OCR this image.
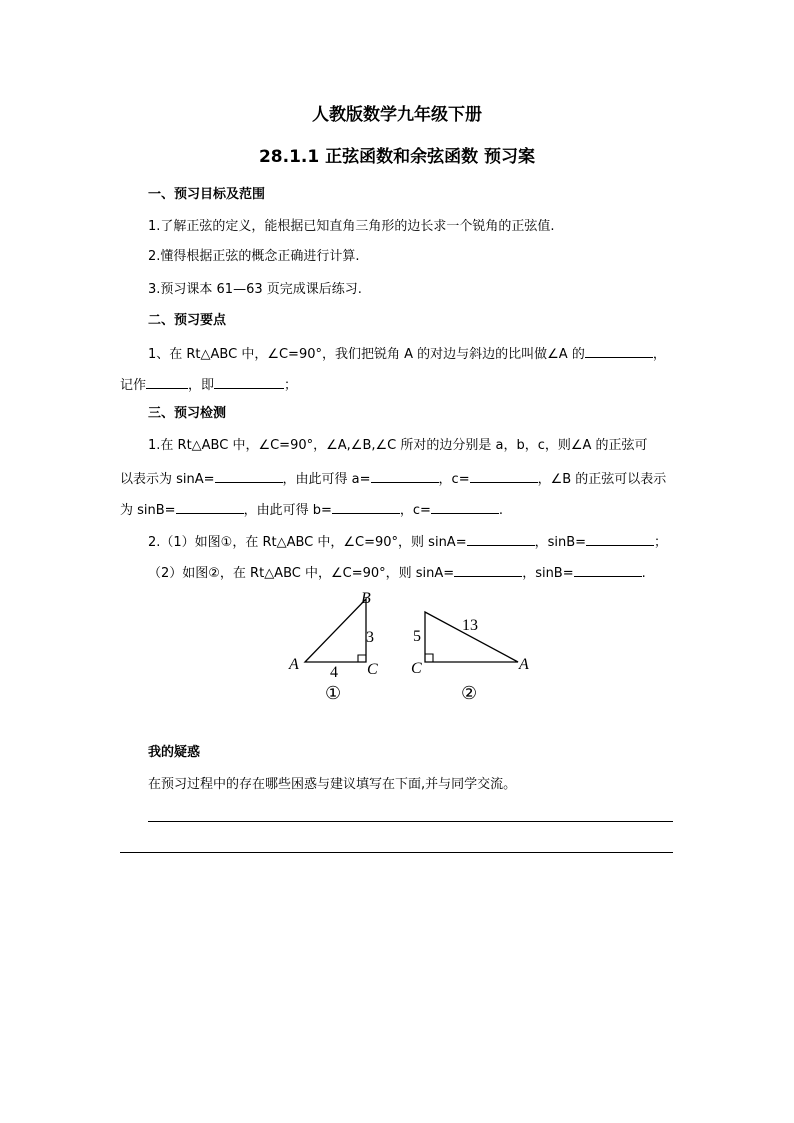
人教版数学九年级下册
28.1.1 正弦函数和余弦函数 预习案
一、预习目标及范围
1.了解正弦的定义，能根据已知直角三角形的边长求一个锐角的正弦值.
2.懂得根据正弦的概念正确进行计算.
3.预习课本 61—63 页完成课后练习.
二、预习要点
1、在 Rt△ABC 中，∠C=90°，我们把锐角 A 的对边与斜边的比叫做∠A 的	，
记作	，即	；
三、预习检测
1.在 Rt△ABC 中，∠C=90°，∠A,∠B,∠C 所对的边分别是 a，b，c，则∠A 的正弦可
以表示为 sinA=	，由此可得 a=	，c=	，∠B 的正弦可以表示
为 sinB=	，由此可得 b=	，c=	.
2.（1）如图①，在 Rt△ABC 中，∠C=90°，则 sinA=	，sinB=	；
（2）如图②，在 Rt△ABC 中，∠C=90°，则 sinA=	，sinB=	.
A
B
C
3
4
①
A
C
5
13
②
我的疑惑
在预习过程中的存在哪些困惑与建议填写在下面,并与同学交流。
